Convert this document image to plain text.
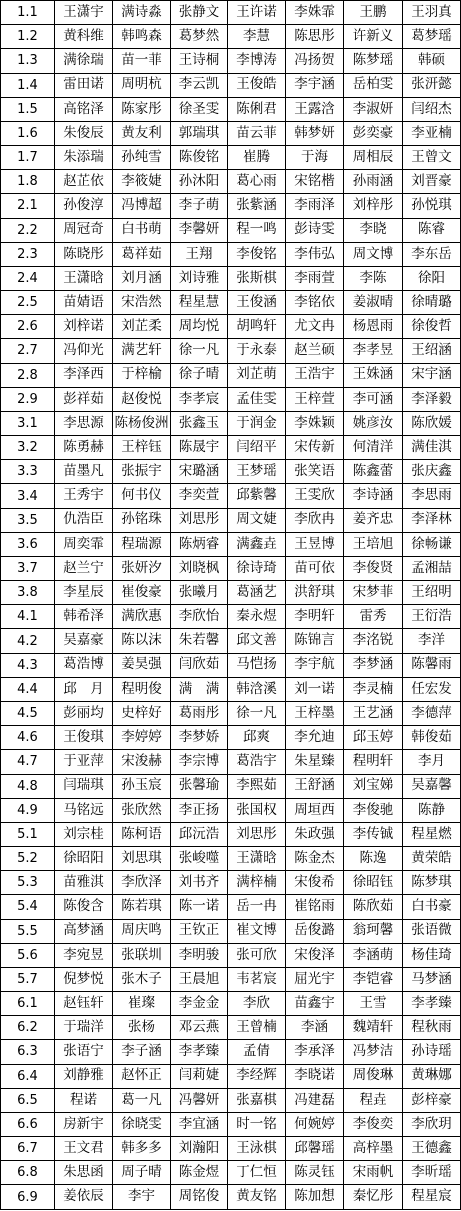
1.1	王潇宇	满诗淼	张静文	王许诺	李姝霏	王鹏	王羽真
1.2	黄科维	韩鸣森	葛梦然	李慧	陈思彤	许新义	葛梦瑶
1.3	满徐瑞	苗一菲	王诗桐	李博涛	冯扬贺	陈梦瑶	韩硕
1.4	雷田诺	周明杭	李云凯	王俊皓	李宇涵	岳柏雯	张汧懿
1.5	高铭泽	陈家彤	徐圣雯	陈俐君	王露浛	李淑妍	闫绍杰
1.6	朱俊辰	黄友利	郭瑞琪	苗云菲	韩梦妍	彭奕豪	李亚楠
1.7	朱添瑞	孙纯雪	陈俊铭	崔腾	于海	周相辰	王曾文
1.8	赵芷依	李筱婕	孙沐阳	葛心雨	宋铭楷	孙雨涵	刘晋豪
2.1	孙俊淳	冯博超	李子萌	张紫涵	李雨泽	刘梓彤	孙悦琪
2.2	周冠奇	白书萌	李馨妍	程一鸣	彭诗雯	李晓	陈睿
2.3	陈晓彤	葛祥茹	王翔	李俊铭	李伟弘	周文博	李东岳
2.4	王潇晗	刘月涵	刘诗雅	张斯棋	李雨萱	李陈	徐阳
2.5	苗婧语	宋浩然	程星慧	王俊涵	李铭依	姜淑晴	徐晴璐
2.6	刘梓诺	刘芷柔	周均悦	胡鸣轩	尤文冉	杨恩雨	徐俊哲
2.7	冯仰光	满艺轩	徐一凡	于永泰	赵兰硕	李孝昱	王绍涵
2.8	李泽西	于梓榆	徐子晴	刘芷萌	王浩宇	王姝涵	宋宇涵
2.9	彭祥茹	赵俊悦	李孝宸	孟佳雯	王梓萱	李可涵	李泽毅
3.1	李思源	陈杨俊洲	张鑫玉	于润金	李姝颖	姚彦汝	陈欣媛
3.2	陈勇赫	王梓钰	陈晟宇	闫绍平	宋传新	何清洋	满佳淇
3.3	苗墨凡	张振宇	宋璐涵	王梦瑶	张笑语	陈鑫蕾	张庆鑫
3.4	王秀宇	何书仪	李奕萱	邱紫馨	王雯欣	李诗涵	李思雨
3.5	仇浩臣	孙铭珠	刘思彤	周文婕	李欣冉	姜齐忠	李泽林
3.6	周奕霏	程瑞源	陈炳睿	满鑫垚	王昱博	王培旭	徐畅谦
3.7	赵兰宁	张妍汐	刘晓枫	徐诗琦	苗可依	李俊贤	孟湘喆
3.8	李星辰	崔俊豪	张曦月	葛涵艺	洪舒琪	宋梦菲	王绍明
4.1	韩希泽	满欣惠	李欣怡	秦永煜	李明轩	雷秀	王衍浩
4.2	吴嘉豪	陈以沫	朱若馨	邱文善	陈锦言	李洺锐	李洋
4.3	葛浩博	姜昊强	闫欣茹	马恺扬	李宇航	李梦涵	陈馨雨
4.4	邱　月	程明俊	满　满	韩浛溪	刘一诺	李灵楠	任宏发
4.5	彭丽均	史梓好	葛雨彤	徐一凡	王梓墨	王艺涵	李德萍
4.6	王俊琪	李婷婷	李梦娇	邱爽	李允迪	邱玉婷	韩俊茹
4.7	于亚萍	宋浚赫	李宗博	葛浩宇	朱星臻	程明轩	李月
4.8	闫瑞琪	孙玉宸	张馨瑜	李熙茹	王舒涵	刘宝娣	吴嘉馨
4.9	马铭远	张欣然	李正扬	张国权	周垣西	李俊驰	陈静
5.1	刘宗桂	陈柯语	邱沅浩	刘思彤	朱政强	李传铖	程星燃
5.2	徐昭阳	刘思琪	张峻噬	王潇晗	陈金杰	陈逸	黄荣皓
5.3	苗雅淇	李欣泽	刘书齐	满梓楠	宋俊希	徐昭钰	陈梦琪
5.4	陈俊含	陈若琪	陈一诺	岳一冉	崔铭雨	陈欣茹	白书豪
5.5	高梦涵	周庆鸣	王钦正	崔文博	岳俊潞	翁珂馨	张语微
5.6	李宛昱	张联圳	李明骏	张可欣	宋俊泽	李涵萌	杨佳琦
5.7	倪梦悦	张木子	王晨旭	韦茗宸	屈光宇	李铠睿	马梦涵
6.1	赵钰轩	崔璨	李金金	李欣	苗鑫宇	王雪	李孝臻
6.2	于瑞洋	张杨	邓云燕	王曾楠	李涵	魏靖轩	程秋雨
6.3	张语宁	李子涵	李孝臻	孟倩	李承泽	冯梦洁	孙诗瑶
6.4	刘静雅	赵怀正	闫莉婕	李经辉	李晓诺	周俊琳	黄琳娜
6.5	程诺	葛一凡	冯馨妍	张嘉棋	冯建磊	程垚	彭梓豪
6.6	房新宇	徐晓雯	李宜涵	时一铭	何婉婷	李俊奕	李欣玥
6.7	王文君	韩多多	刘瀚阳	王泳棋	邱馨瑶	高梓墨	王德鑫
6.8	朱思函	周子晴	陈金煜	丁仁恒	陈灵钰	宋雨帆	李昕瑶
6.9	姜依辰	李宇	周铭俊	黄友铭	陈加想	秦忆彤	程星宸
